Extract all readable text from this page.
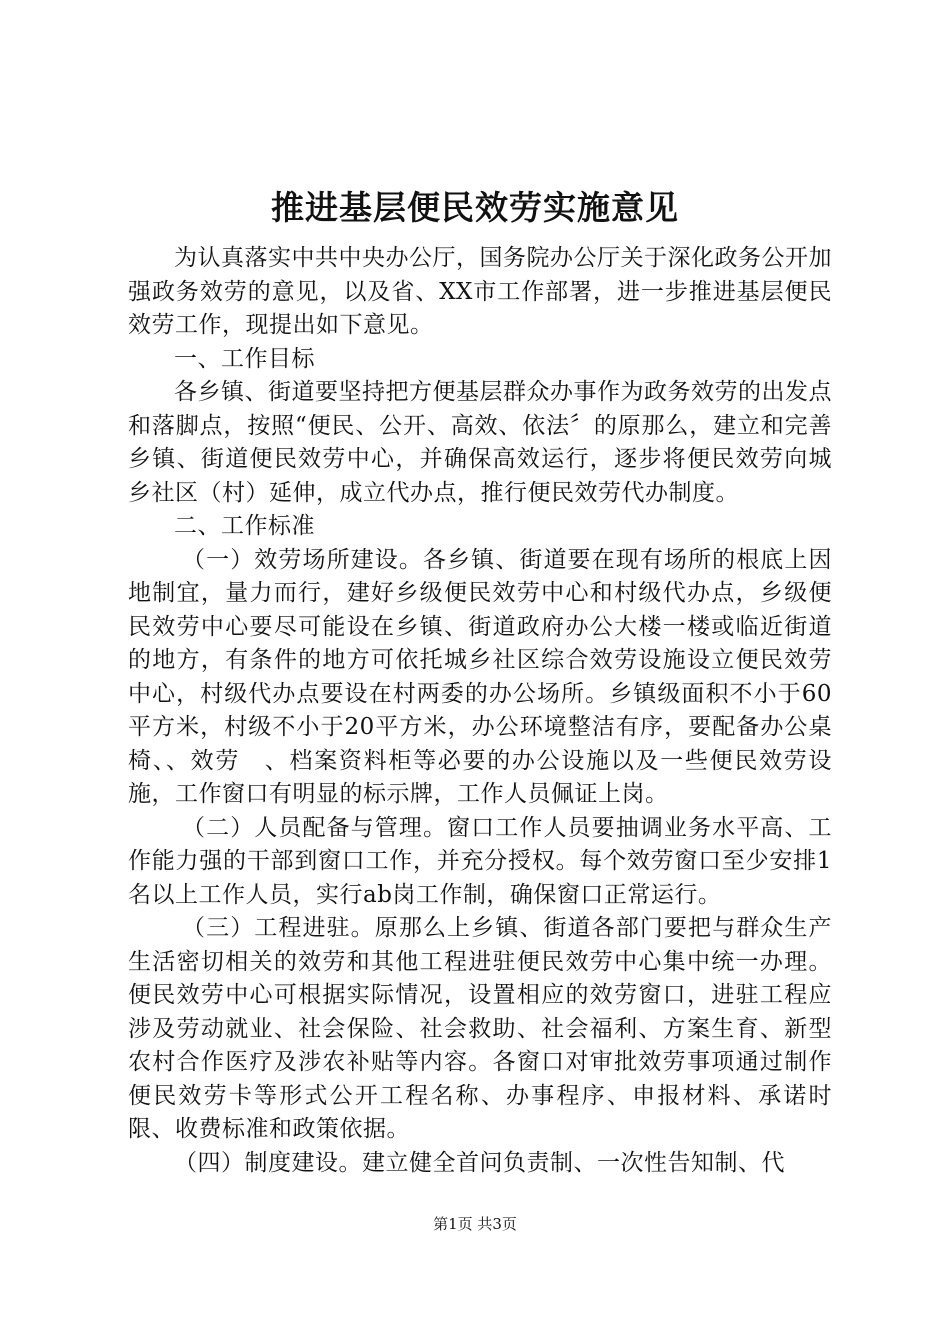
推进基层便民效劳实施意见

为认真落实中共中央办公厅，国务院办公厅关于深化政务公开加强政务效劳的意见，以及省、XX市工作部署，进一步推进基层便民效劳工作，现提出如下意见。

一、工作目标

各乡镇、街道要坚持把方便基层群众办事作为政务效劳的出发点和落脚点，按照“便民、公开、高效、依法〞的原那么，建立和完善乡镇、街道便民效劳中心，并确保高效运行，逐步将便民效劳向城乡社区（村）延伸，成立代办点，推行便民效劳代办制度。

二、工作标准

（一）效劳场所建设。各乡镇、街道要在现有场所的根底上因地制宜，量力而行，建好乡级便民效劳中心和村级代办点，乡级便民效劳中心要尽可能设在乡镇、街道政府办公大楼一楼或临近街道的地方，有条件的地方可依托城乡社区综合效劳设施设立便民效劳中心，村级代办点要设在村两委的办公场所。乡镇级面积不小于60平方米，村级不小于20平方米，办公环境整洁有序，要配备办公桌椅、、效劳　、档案资料柜等必要的办公设施以及一些便民效劳设施，工作窗口有明显的标示牌，工作人员佩证上岗。

（二）人员配备与管理。窗口工作人员要抽调业务水平高、工作能力强的干部到窗口工作，并充分授权。每个效劳窗口至少安排1名以上工作人员，实行ab岗工作制，确保窗口正常运行。

（三）工程进驻。原那么上乡镇、街道各部门要把与群众生产生活密切相关的效劳和其他工程进驻便民效劳中心集中统一办理。便民效劳中心可根据实际情况，设置相应的效劳窗口，进驻工程应涉及劳动就业、社会保险、社会救助、社会福利、方案生育、新型农村合作医疗及涉农补贴等内容。各窗口对审批效劳事项通过制作便民效劳卡等形式公开工程名称、办事程序、申报材料、承诺时限、收费标准和政策依据。

（四）制度建设。建立健全首问负责制、一次性告知制、代

第1页 共3页
